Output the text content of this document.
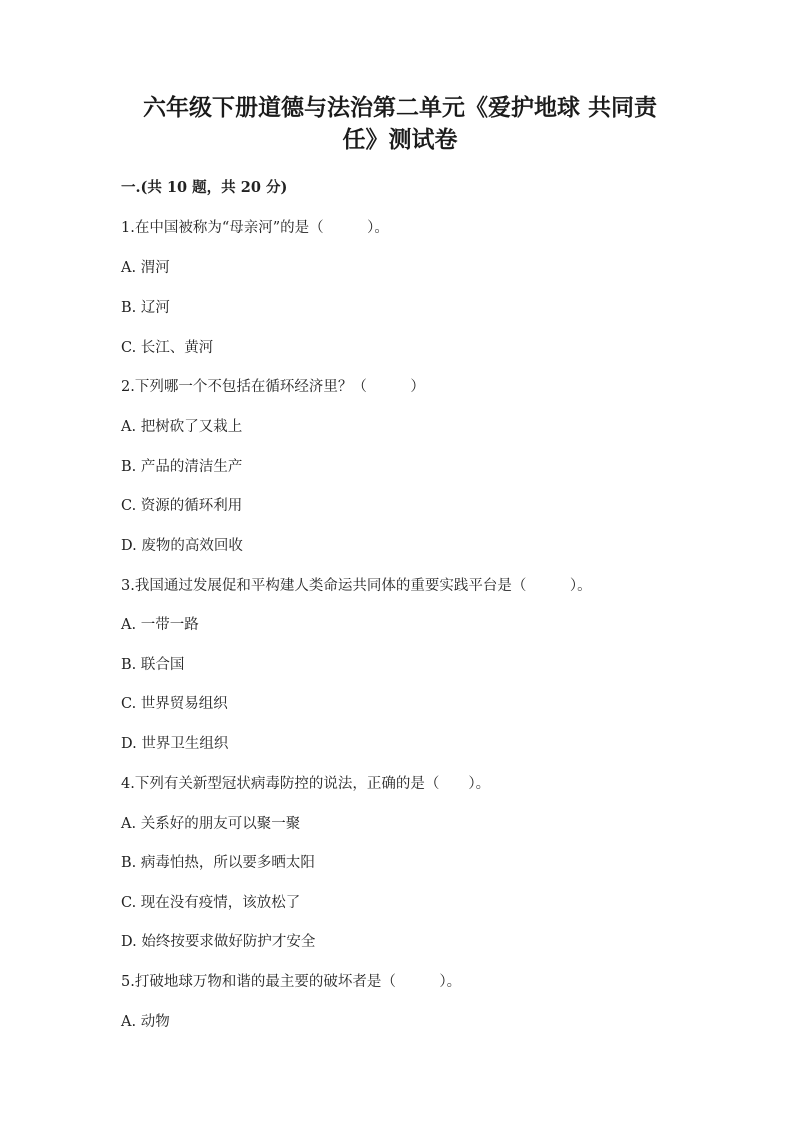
六年级下册道德与法治第二单元《爱护地球 共同责
任》测试卷
一.(共 10 题，共 20 分)
1.在中国被称为“母亲河”的是（　　　）。
A. 渭河
B. 辽河
C. 长江、黄河
2.下列哪一个不包括在循环经济里？（　　　）
A. 把树砍了又栽上
B. 产品的清洁生产
C. 资源的循环利用
D. 废物的高效回收
3.我国通过发展促和平构建人类命运共同体的重要实践平台是（　　　）。
A. 一带一路
B. 联合国
C. 世界贸易组织
D. 世界卫生组织
4.下列有关新型冠状病毒防控的说法，正确的是（　　）。
A. 关系好的朋友可以聚一聚
B. 病毒怕热，所以要多晒太阳
C. 现在没有疫情，该放松了
D. 始终按要求做好防护才安全
5.打破地球万物和谐的最主要的破坏者是（　　　）。
A. 动物
